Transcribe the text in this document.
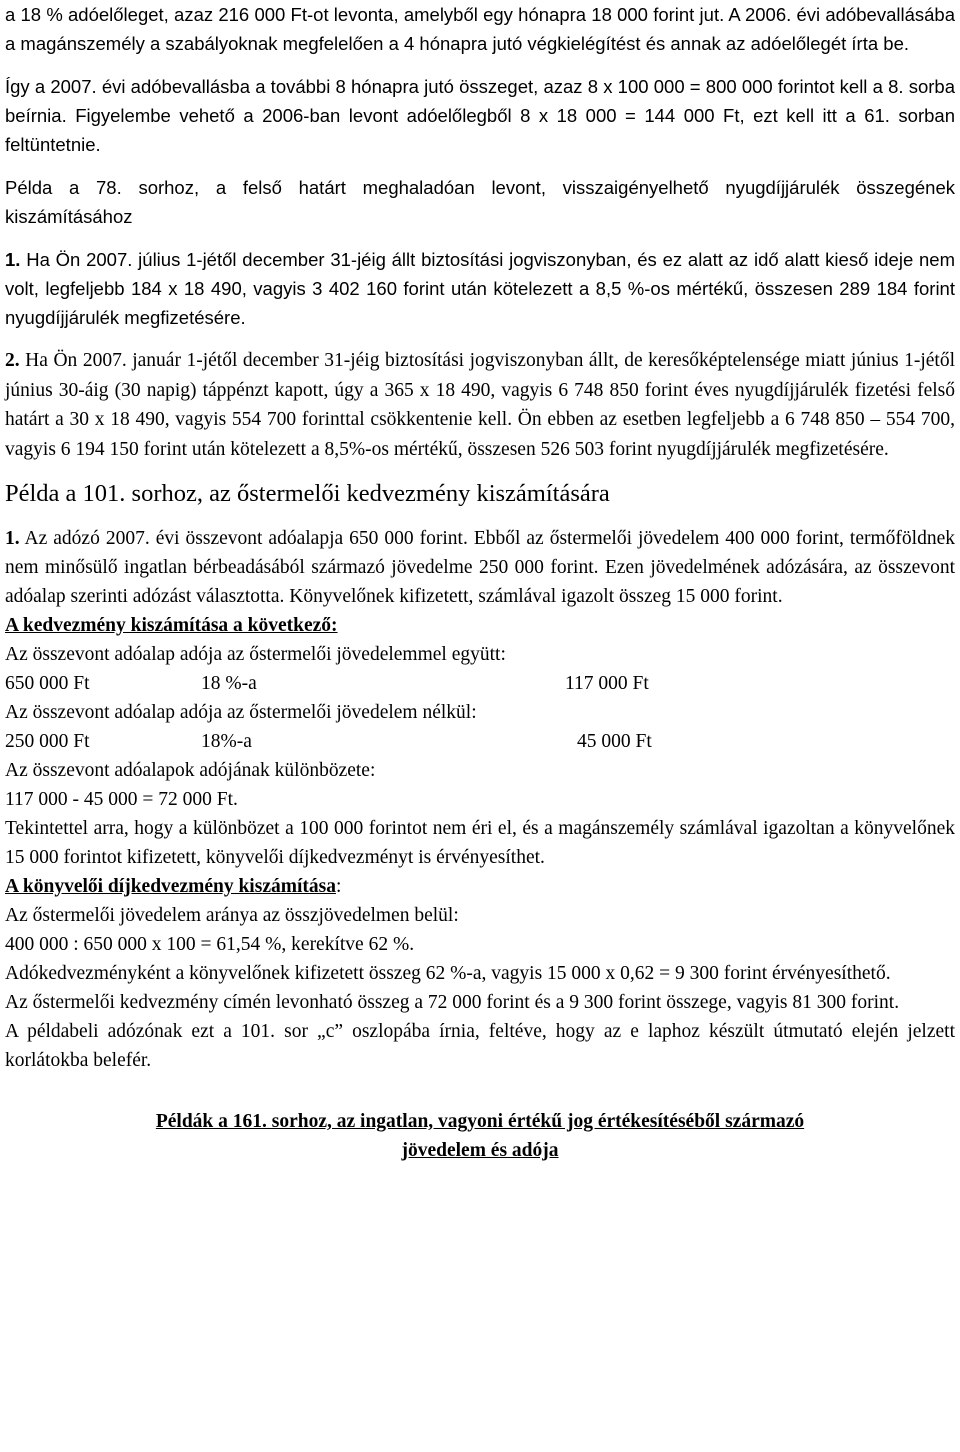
a 18 % adóelőleget, azaz 216 000 Ft-ot levonta, amelyből egy hónapra 18 000 forint jut. A 2006. évi adóbevallásába a magánszemély a szabályoknak megfelelően a 4 hónapra jutó végkielégítést és annak az adóelőlegét írta be.

Így a 2007. évi adóbevallásba a további 8 hónapra jutó összeget, azaz 8 x 100 000 = 800 000 forintot kell a 8. sorba beírnia. Figyelembe vehető a 2006-ban levont adóelőlegből 8 x 18 000 = 144 000 Ft, ezt kell itt a 61. sorban feltüntetnie.

Példa a 78. sorhoz, a felső határt meghaladóan levont, visszaigényelhető nyugdíjjárulék összegének kiszámításához

1. Ha Ön 2007. július 1-jétől december 31-jéig állt biztosítási jogviszonyban, és ez alatt az idő alatt kieső ideje nem volt, legfeljebb 184 x 18 490, vagyis 3 402 160 forint után kötelezett a 8,5 %-os mértékű, összesen 289 184 forint nyugdíjjárulék megfizetésére.

2. Ha Ön 2007. január 1-jétől december 31-jéig biztosítási jogviszonyban állt, de keresőképtelensége miatt június 1-jétől június 30-áig (30 napig) táppénzt kapott, úgy a 365 x 18 490, vagyis 6 748 850 forint éves nyugdíjjárulék fizetési felső határt a 30 x 18 490, vagyis 554 700 forinttal csökkentenie kell. Ön ebben az esetben legfeljebb a 6 748 850 – 554 700, vagyis 6 194 150 forint után kötelezett a 8,5%-os mértékű, összesen 526 503 forint nyugdíjjárulék megfizetésére.

Példa a 101. sorhoz, az őstermelői kedvezmény kiszámítására

1. Az adózó 2007. évi összevont adóalapja 650 000 forint. Ebből az őstermelői jövedelem 400 000 forint, termőföldnek nem minősülő ingatlan bérbeadásából származó jövedelme 250 000 forint. Ezen jövedelmének adózására, az összevont adóalap szerinti adózást választotta. Könyvelőnek kifizetett, számlával igazolt összeg 15 000 forint.

A kedvezmény kiszámítása a következő:

Az összevont adóalap adója az őstermelői jövedelemmel együtt:

650 000 Ft	18 %-a	117 000 Ft

Az összevont adóalap adója az őstermelői jövedelem nélkül:

250 000 Ft	18%-a	45 000 Ft

Az összevont adóalapok adójának különbözete:

117 000 - 45 000 = 72 000 Ft.

Tekintettel arra, hogy a különbözet a 100 000 forintot nem éri el, és a magánszemély számlával igazoltan a könyvelőnek 15 000 forintot kifizetett, könyvelői díjkedvezményt is érvényesíthet.

A könyvelői díjkedvezmény kiszámítása:

Az őstermelői jövedelem aránya az összjövedelmen belül:

400 000 : 650 000 x 100 = 61,54 %, kerekítve 62 %.

Adókedvezményként a könyvelőnek kifizetett összeg 62 %-a, vagyis 15 000 x 0,62 = 9 300 forint érvényesíthető.

Az őstermelői kedvezmény címén levonható összeg a 72 000 forint és a 9 300 forint összege, vagyis 81 300 forint.

A példabeli adózónak ezt a 101. sor „c” oszlopába írnia, feltéve, hogy az e laphoz készült útmutató elején jelzett korlátokba belefér.

Példák a 161. sorhoz, az ingatlan, vagyoni értékű jog értékesítéséből származó

jövedelem és adója
